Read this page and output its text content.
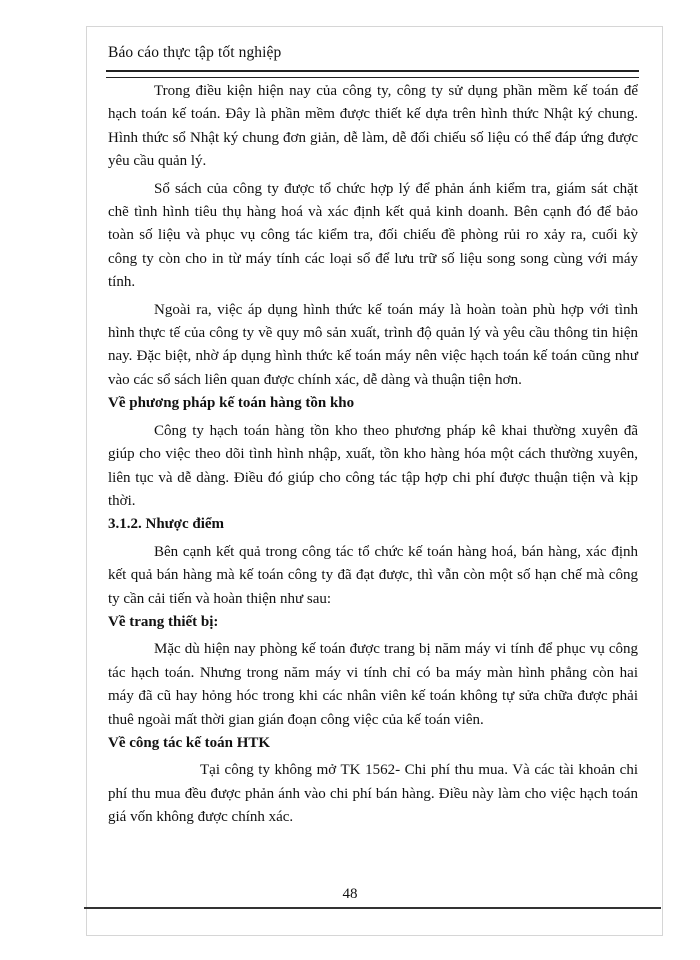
Báo cáo thực tập tốt nghiệp

Trong điều kiện hiện nay của công ty, công ty sử dụng phần mềm kế toán để hạch toán kế toán. Đây là phần mềm được thiết kế dựa trên hình thức Nhật ký chung. Hình thức sổ Nhật ký chung đơn giản, dễ làm, dễ đối chiếu số liệu có thể đáp ứng được yêu cầu quản lý.

Sổ sách của công ty được tổ chức hợp lý để phản ánh kiểm tra, giám sát chặt chẽ tình hình tiêu thụ hàng hoá và xác định kết quả kinh doanh. Bên cạnh đó để bảo toàn số liệu và phục vụ công tác kiểm tra, đối chiếu đề phòng rủi ro xảy ra, cuối kỳ công ty còn cho in từ máy tính các loại sổ để lưu trữ số liệu song song cùng với máy tính.

Ngoài ra, việc áp dụng hình thức kế toán máy là hoàn toàn phù hợp với tình hình thực tế của công ty về quy mô sản xuất, trình độ quản lý và yêu cầu thông tin hiện nay. Đặc biệt, nhờ áp dụng hình thức kế toán máy nên việc hạch toán kế toán cũng như vào các sổ sách liên quan được chính xác, dễ dàng và thuận tiện hơn.

Về phương pháp kế toán hàng tồn kho

Công ty hạch toán hàng tồn kho theo phương pháp kê khai thường xuyên đã giúp cho việc theo dõi tình hình nhập, xuất, tồn kho hàng hóa một cách thường xuyên, liên tục và dễ dàng. Điều đó giúp cho công tác tập hợp chi phí được thuận tiện và kịp thời.

3.1.2. Nhược điểm

Bên cạnh kết quả trong công tác tổ chức kế toán hàng hoá, bán hàng, xác định kết quả bán hàng mà kế toán công ty đã đạt được, thì vẫn còn một số hạn chế mà công ty cần cải tiến và hoàn thiện như sau:

Về trang thiết bị:

Mặc dù hiện nay phòng kế toán được trang bị năm máy vi tính để phục vụ công tác hạch toán. Nhưng trong năm máy vi tính chỉ có ba máy màn hình phẳng còn hai máy đã cũ hay hỏng hóc trong khi các nhân viên kế toán không tự sửa chữa được phải thuê ngoài mất thời gian gián đoạn công việc của kế toán viên.

Về công tác kế toán HTK

Tại công ty không mở TK 1562- Chi phí thu mua. Và các tài khoản chi phí thu mua đều được phản ánh vào chi phí bán hàng. Điều này làm cho việc hạch toán giá vốn không được chính xác.

48
